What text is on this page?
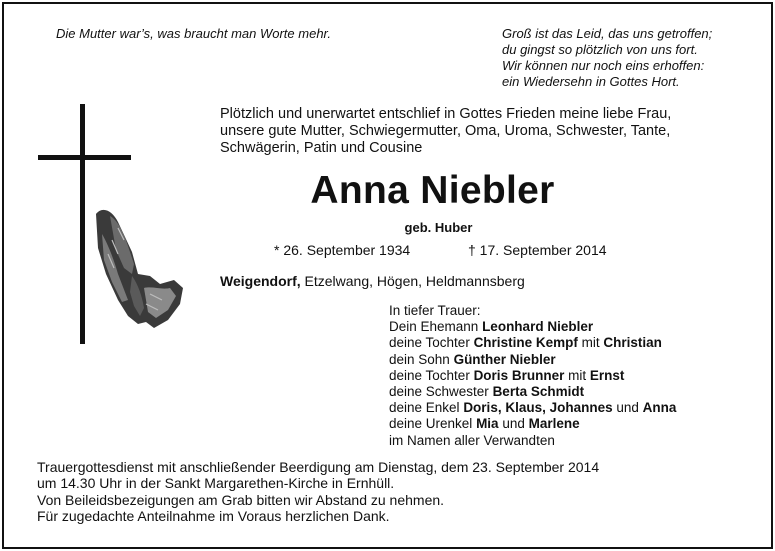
Die Mutter war’s, was braucht man Worte mehr.	Groß ist das Leid, das uns getroffen;
du gingst so plötzlich von uns fort.
Wir können nur noch eins erhoffen:
ein Wiedersehn in Gottes Hort.
Plötzlich und unerwartet entschlief in Gottes Frieden meine liebe Frau,
unsere gute Mutter, Schwiegermutter, Oma, Uroma, Schwester, Tante,
Schwägerin, Patin und Cousine
Anna Niebler
geb. Huber
* 26. September 1934	† 17. September 2014
Weigendorf, Etzelwang, Högen, Heldmannsberg
In tiefer Trauer:
Dein Ehemann Leonhard Niebler
deine Tochter Christine Kempf mit Christian
dein Sohn Günther Niebler
deine Tochter Doris Brunner mit Ernst
deine Schwester Berta Schmidt
deine Enkel Doris, Klaus, Johannes und Anna
deine Urenkel Mia und Marlene
im Namen aller Verwandten
Trauergottesdienst mit anschließender Beerdigung am Dienstag, dem 23. September 2014
um 14.30 Uhr in der Sankt Margarethen-Kirche in Ernhüll.
Von Beileidsbezeigungen am Grab bitten wir Abstand zu nehmen.
Für zugedachte Anteilnahme im Voraus herzlichen Dank.
